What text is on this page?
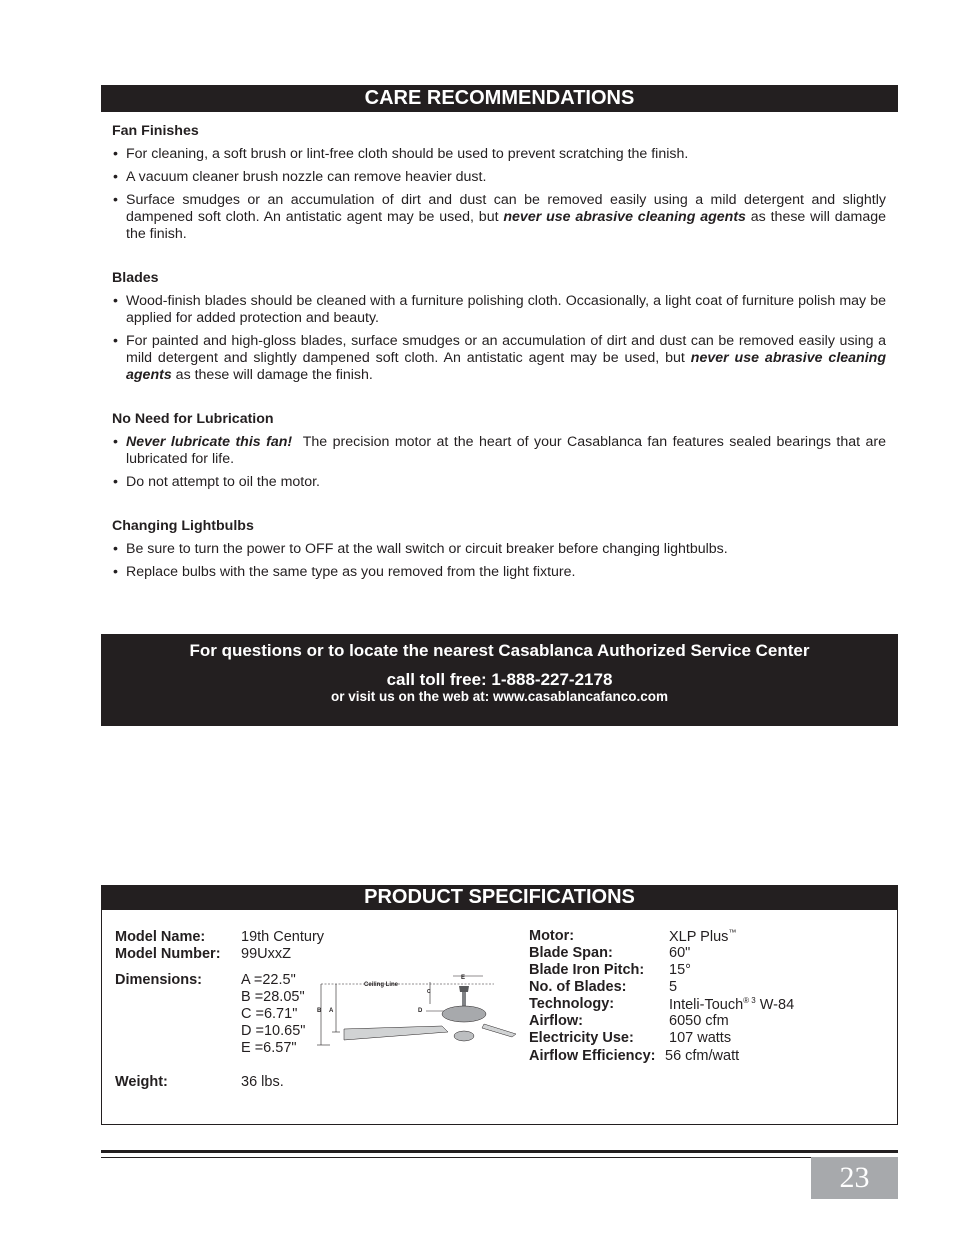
CARE RECOMMENDATIONS
Fan Finishes
• For cleaning, a soft brush or lint-free cloth should be used to prevent scratching the finish.
• A vacuum cleaner brush nozzle can remove heavier dust.
• Surface smudges or an accumulation of dirt and dust can be removed easily using a mild detergent and slightly dampened soft cloth. An antistatic agent may be used, but never use abrasive cleaning agents as these will damage the finish.
Blades
• Wood-finish blades should be cleaned with a furniture polishing cloth. Occasionally, a light coat of furniture polish may be applied for added protection and beauty.
• For painted and high-gloss blades, surface smudges or an accumulation of dirt and dust can be removed easily using a mild detergent and slightly dampened soft cloth. An antistatic agent may be used, but never use abrasive cleaning agents as these will damage the finish.
No Need for Lubrication
• Never lubricate this fan!  The precision motor at the heart of your Casablanca fan features sealed bearings that are lubricated for life.
• Do not attempt to oil the motor.
Changing Lightbulbs
• Be sure to turn the power to OFF at the wall switch or circuit breaker before changing lightbulbs.
• Replace bulbs with the same type as you removed from the light fixture.
For questions or to locate the nearest Casablanca Authorized Service Center
call toll free: 1-888-227-2178
or visit us on the web at: www.casablancafanco.com
PRODUCT SPECIFICATIONS
Model Name: 19th Century
Model Number: 99UxxZ
Dimensions:	A =22.5"
B =28.05"
C =6.71"
D =10.65"
E =6.57"
Weight:	36 lbs.
Motor:	XLP Plus™
Blade Span:	60"
Blade Iron Pitch: 15°
No. of Blades:	5
Technology:	Inteli-Touch$^{® 3}$ W-84
Airflow:	6050 cfm
Electricity Use: 107 watts
Airflow Efficiency: 56 cfm/watt
Ceiling Line
B A
C
E
D
23
